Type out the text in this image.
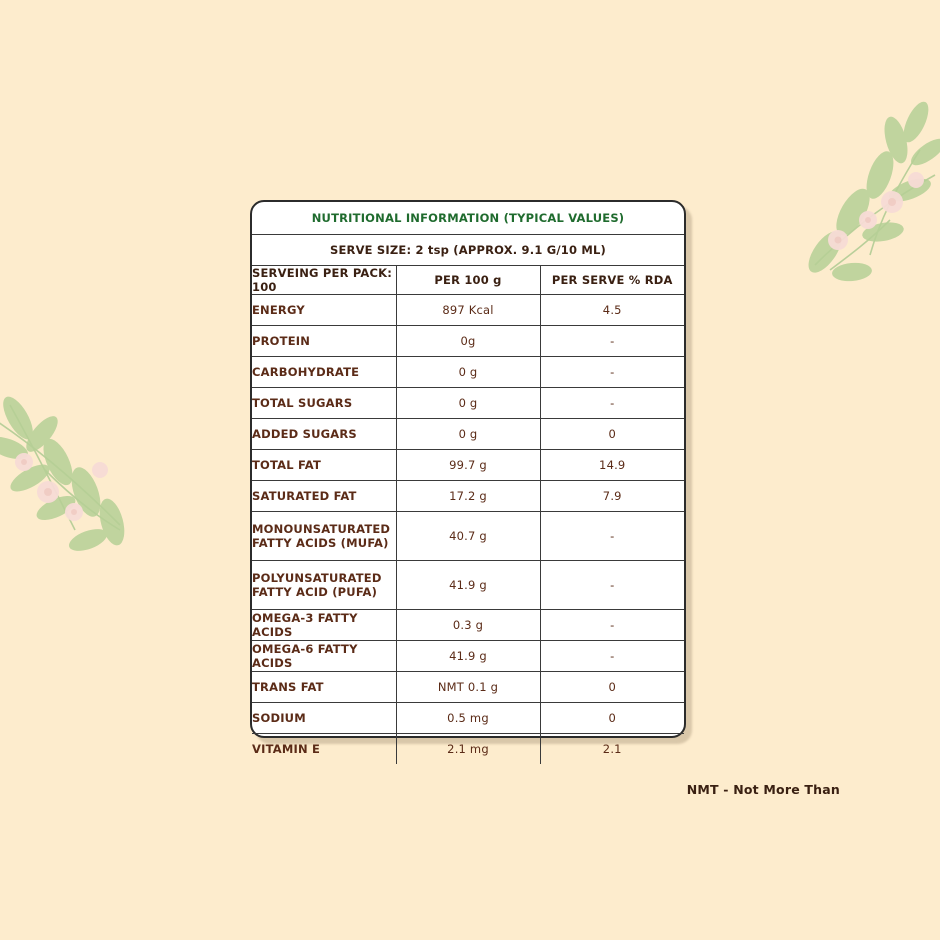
NUTRITIONAL INFORMATION (TYPICAL VALUES)		
SERVE SIZE: 2 tsp (APPROX. 9.1 G/10 ML)		
SERVEING PER PACK: 100	PER 100 g	PER SERVE % RDA
ENERGY	897 Kcal	4.5
PROTEIN	0g	-
CARBOHYDRATE	0 g	-
TOTAL SUGARS	0 g	-
ADDED SUGARS	0 g	0
TOTAL FAT	99.7 g	14.9
SATURATED FAT	17.2 g	7.9
MONOUNSATURATED
FATTY ACIDS (MUFA)	40.7 g	-
POLYUNSATURATED
FATTY ACID (PUFA)	41.9 g	-
OMEGA-3 FATTY ACIDS	0.3 g	-
OMEGA-6 FATTY ACIDS	41.9 g	-
TRANS FAT	NMT 0.1 g	0
SODIUM	0.5 mg	0
VITAMIN E	2.1 mg	2.1
NMT - Not More Than
